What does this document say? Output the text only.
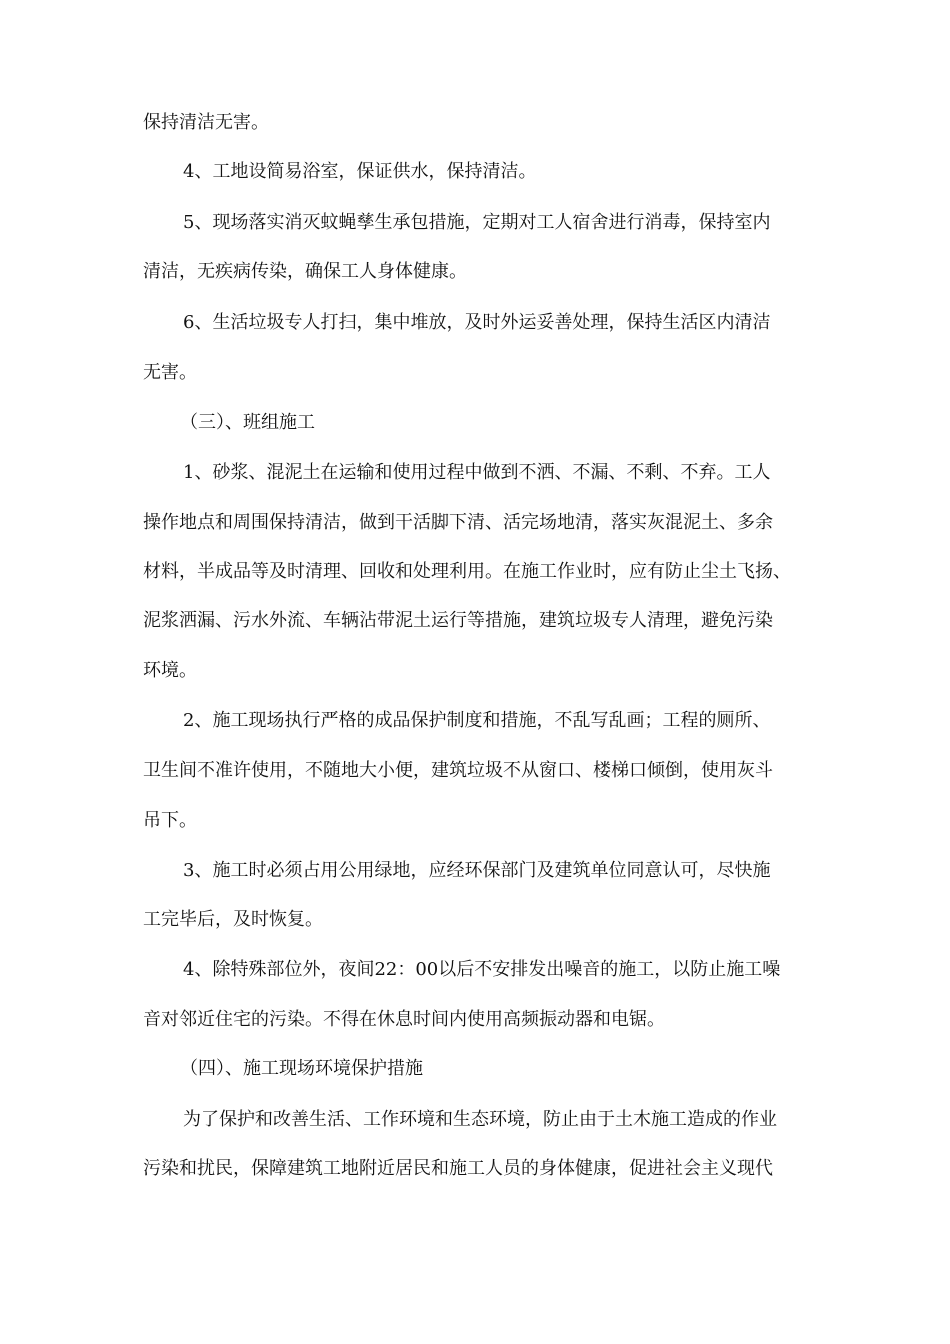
保持清洁无害。
4、工地设简易浴室，保证供水，保持清洁。
5、现场落实消灭蚊蝇孳生承包措施，定期对工人宿舍进行消毒，保持室内
清洁，无疾病传染，确保工人身体健康。
6、生活垃圾专人打扫，集中堆放，及时外运妥善处理，保持生活区内清洁
无害。
（三）、班组施工
1、砂浆、混泥土在运输和使用过程中做到不洒、不漏、不剩、不弃。工人
操作地点和周围保持清洁，做到干活脚下清、活完场地清，落实灰混泥土、多余
材料，半成品等及时清理、回收和处理利用。在施工作业时，应有防止尘土飞扬、
泥浆洒漏、污水外流、车辆沾带泥土运行等措施，建筑垃圾专人清理，避免污染
环境。
2、施工现场执行严格的成品保护制度和措施，不乱写乱画；工程的厕所、
卫生间不准许使用，不随地大小便，建筑垃圾不从窗口、楼梯口倾倒，使用灰斗
吊下。
3、施工时必须占用公用绿地，应经环保部门及建筑单位同意认可，尽快施
工完毕后，及时恢复。
4、除特殊部位外，夜间22：00以后不安排发出噪音的施工，以防止施工噪
音对邻近住宅的污染。不得在休息时间内使用高频振动器和电锯。
（四）、施工现场环境保护措施
为了保护和改善生活、工作环境和生态环境，防止由于土木施工造成的作业
污染和扰民，保障建筑工地附近居民和施工人员的身体健康，促进社会主义现代
